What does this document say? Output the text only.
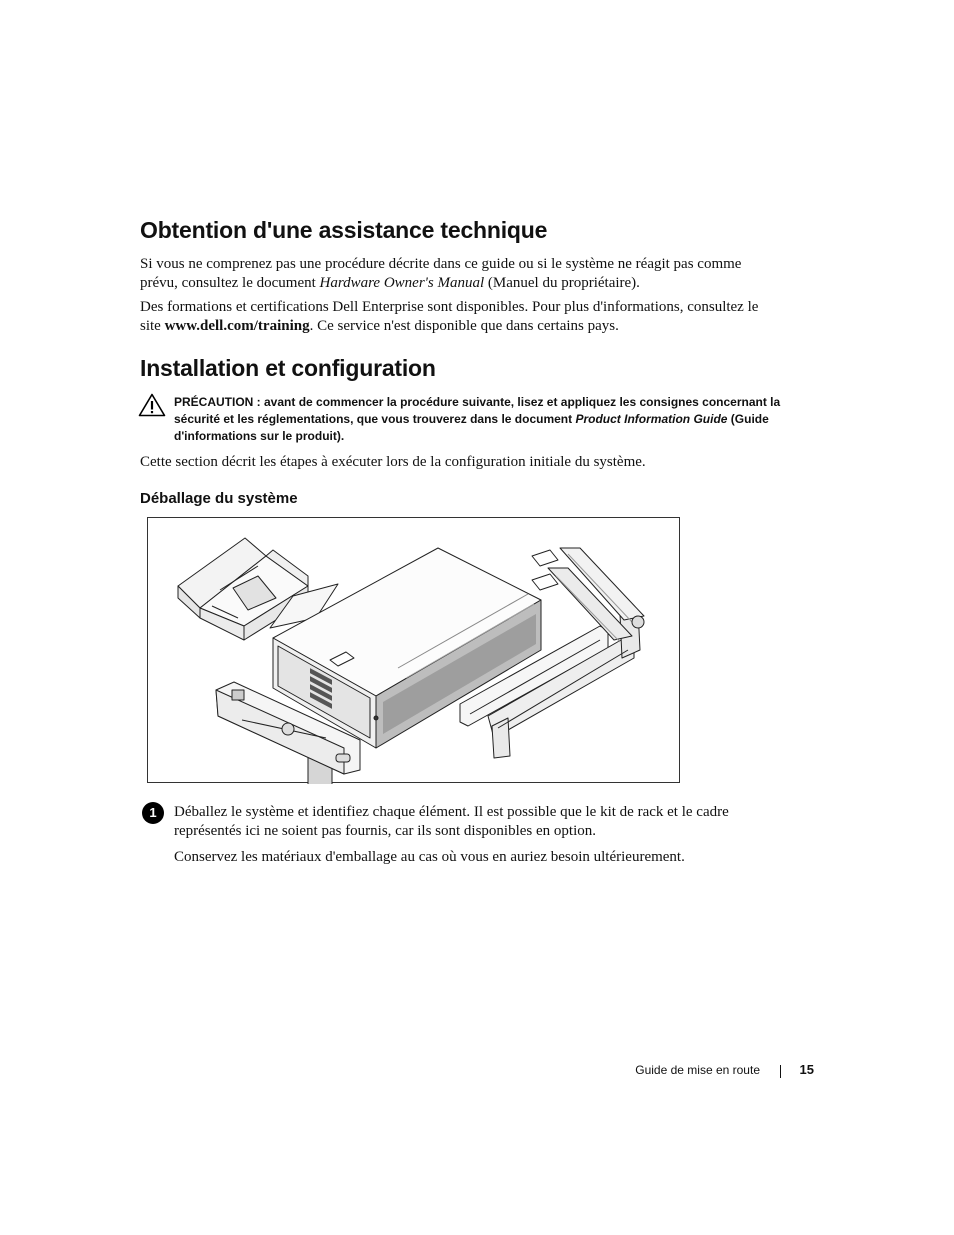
Obtention d'une assistance technique

Si vous ne comprenez pas une procédure décrite dans ce guide ou si le système ne réagit pas comme prévu, consultez le document Hardware Owner's Manual (Manuel du propriétaire).

Des formations et certifications Dell Enterprise sont disponibles. Pour plus d'informations, consultez le site www.dell.com/training. Ce service n'est disponible que dans certains pays.

Installation et configuration
PRÉCAUTION : avant de commencer la procédure suivante, lisez et appliquez les consignes concernant la sécurité et les réglementations, que vous trouverez dans le document Product Information Guide (Guide d'informations sur le produit).

Cette section décrit les étapes à exécuter lors de la configuration initiale du système.

Déballage du système
1	Déballez le système et identifiez chaque élément. Il est possible que le kit de rack et le cadre représentés ici ne soient pas fournis, car ils sont disponibles en option.

Conservez les matériaux d'emballage au cas où vous en auriez besoin ultérieurement.

Guide de mise en route	15
